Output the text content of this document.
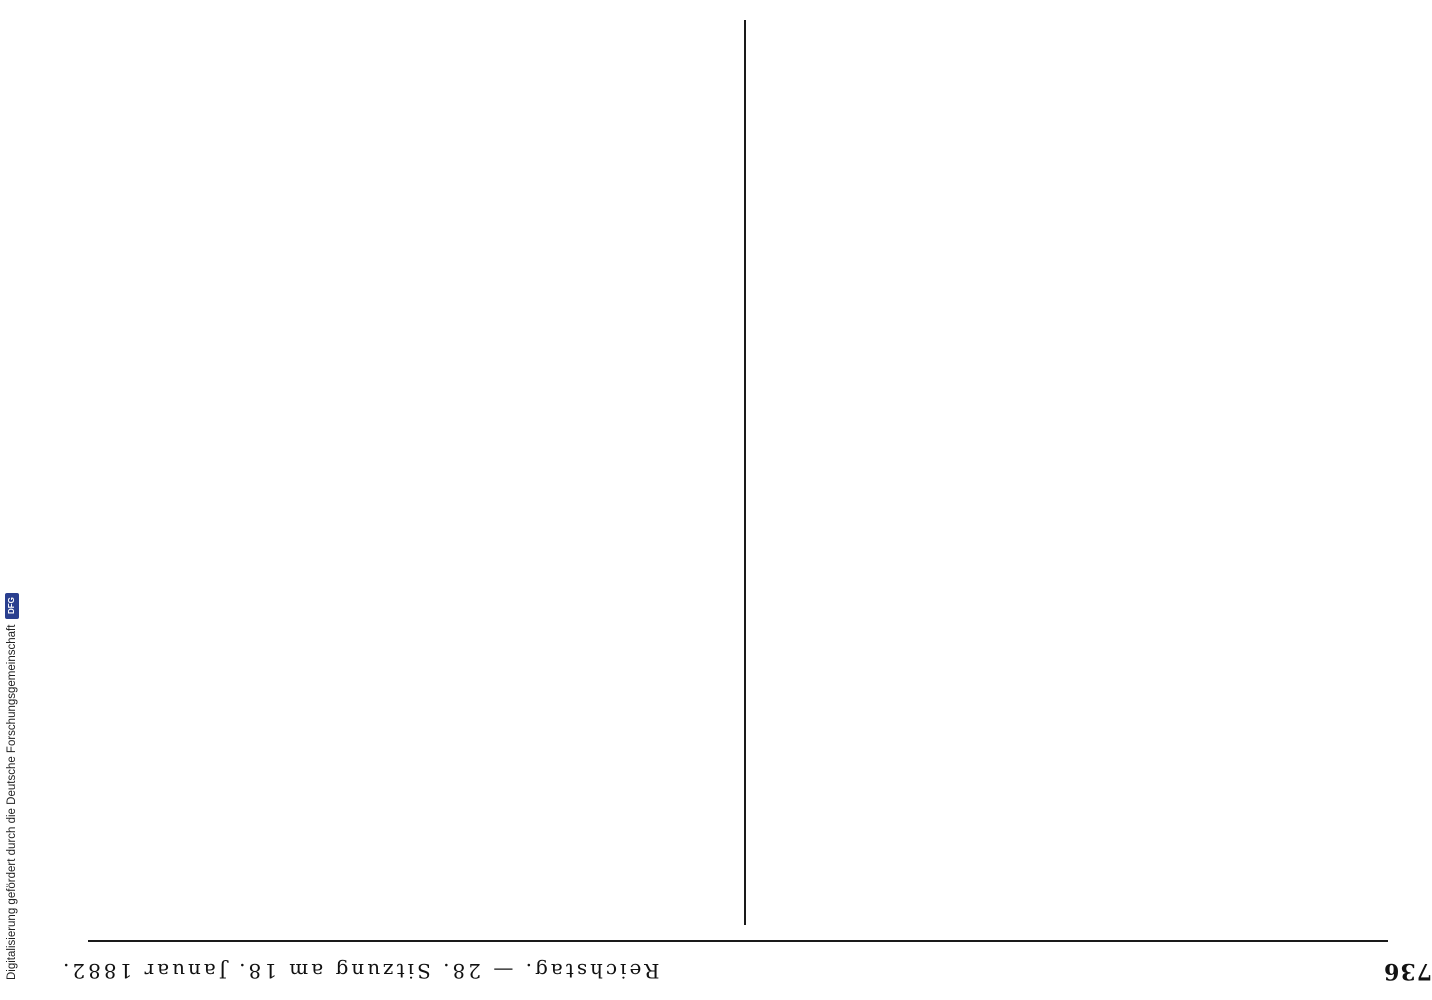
736
Reichstag. — 28. Sitzung am 18. Januar 1882.
Digitalisierung gefördert durch die Deutsche Forschungsgemeinschaft
DFG
